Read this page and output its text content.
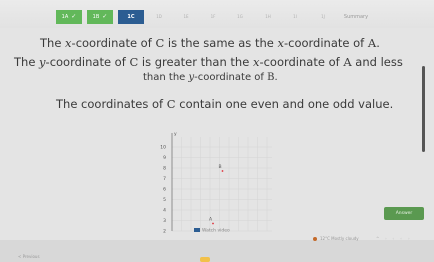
1A ✓	1B ✓	1C	1D	1E	1F	1G	1H	1I	1J	Summary
The x-coordinate of C is the same as the x-coordinate of A.
The y-coordinate of C is greater than the x-coordinate of A and less
than the y-coordinate of B.
The coordinates of C contain one even and one odd value.
y
10
9
8
7
6
5
4
3
2
B
A
Answer
Watch video
< Previous
12°C Mostly cloudy	^ ◦ ◦ ◦ ◦
